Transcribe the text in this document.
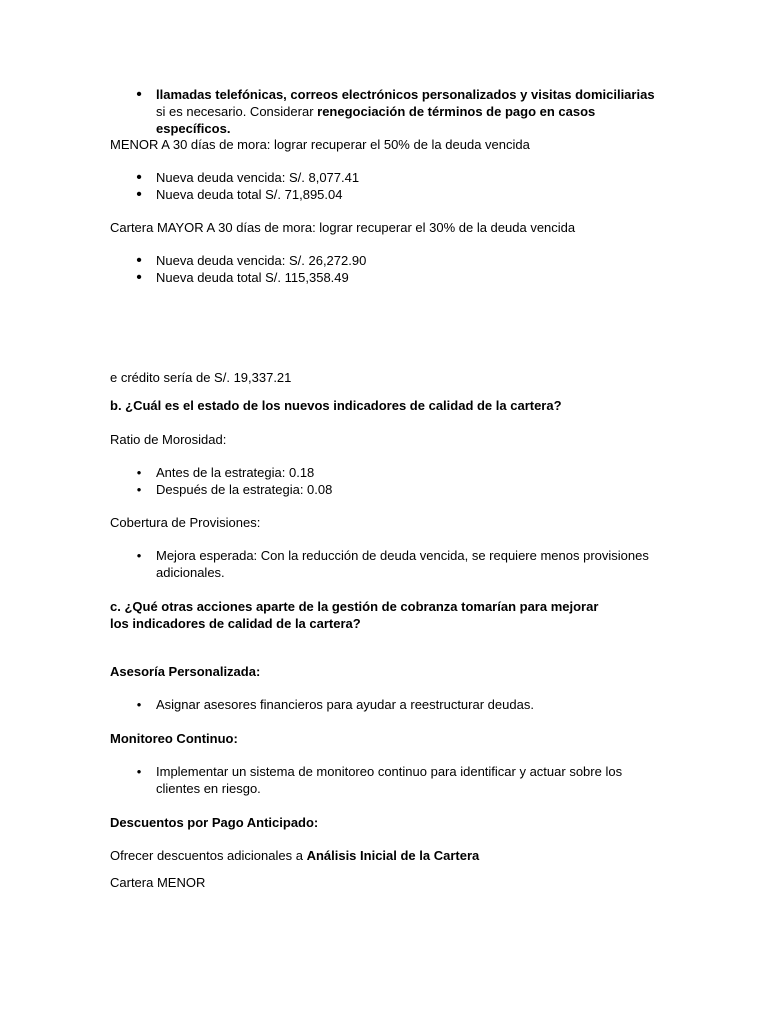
• llamadas telefónicas, correos electrónicos personalizados y visitas domiciliarias si es necesario. Considerar renegociación de términos de pago en casos específicos.
MENOR A 30 días de mora: lograr recuperar el 50% de la deuda vencida
• Nueva deuda vencida: S/. 8,077.41
• Nueva deuda total S/. 71,895.04
Cartera MAYOR A 30 días de mora: lograr recuperar el 30% de la deuda vencida
• Nueva deuda vencida: S/. 26,272.90
• Nueva deuda total S/. 115,358.49
e crédito sería de S/. 19,337.21
b. ¿Cuál es el estado de los nuevos indicadores de calidad de la cartera?
Ratio de Morosidad:
• Antes de la estrategia: 0.18
• Después de la estrategia: 0.08
Cobertura de Provisiones:
• Mejora esperada: Con la reducción de deuda vencida, se requiere menos provisiones adicionales.
c. ¿Qué otras acciones aparte de la gestión de cobranza tomarían para mejorar los indicadores de calidad de la cartera?
Asesoría Personalizada:
• Asignar asesores financieros para ayudar a reestructurar deudas.
Monitoreo Continuo:
• Implementar un sistema de monitoreo continuo para identificar y actuar sobre los clientes en riesgo.
Descuentos por Pago Anticipado:
Ofrecer descuentos adicionales a Análisis Inicial de la Cartera
Cartera MENOR
